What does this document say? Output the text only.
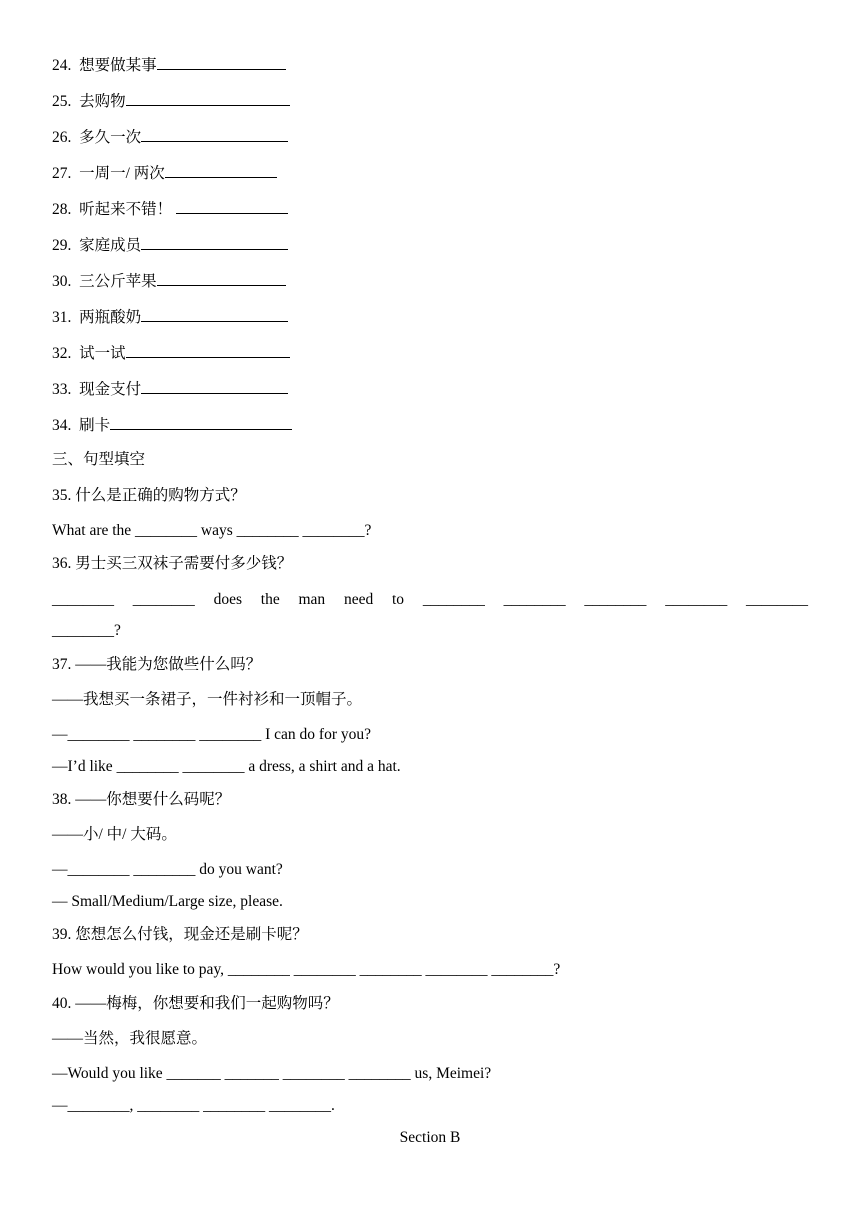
24. 想要做某事
25. 去购物
26. 多久一次
27. 一周一/ 两次
28. 听起来不错！
29. 家庭成员
30. 三公斤苹果
31. 两瓶酸奶
32. 试一试
33. 现金支付
34. 刷卡
三、句型填空
35. 什么是正确的购物方式？
What are the ________ ways ________ ________?
36. 男士买三双袜子需要付多少钱？
________ ________ does the man need to ________ ________ ________ ________ ________
________?
37. ——我能为您做些什么吗？
——我想买一条裙子，一件衬衫和一顶帽子。
—________ ________ ________ I can do for you?
—I’d like ________ ________ a dress, a shirt and a hat.
38. ——你想要什么码呢？
——小/ 中/ 大码。
—________ ________ do you want?
— Small/Medium/Large size, please.
39. 您想怎么付钱，现金还是刷卡呢？
How would you like to pay, ________ ________ ________ ________ ________?
40. ——梅梅，你想要和我们一起购物吗？
——当然，我很愿意。
—Would you like _______ _______ ________ ________ us, Meimei?
—________, ________ ________ ________.
Section B
